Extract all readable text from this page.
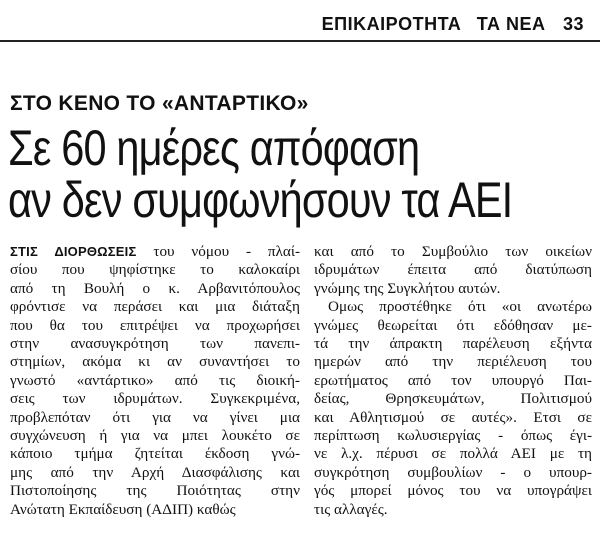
ΕΠΙΚΑΙΡΟΤΗΤΑ ΤΑ ΝΕΑ 33
ΣΤΟ ΚΕΝΟ ΤΟ «ΑΝΤΑΡΤΙΚΟ»
Σε 60 ημέρες απόφαση
αν δεν συμφωνήσουν τα ΑΕΙ
ΣΤΙΣ ΔΙΟΡΘΩΣΕΙΣ του νόμου - πλαί-
σίου που ψηφίστηκε το καλοκαίρι
από τη Βουλή ο κ. Αρβανιτόπουλος
φρόντισε να περάσει και μια διάταξη
που θα του επιτρέψει να προχωρήσει
στην ανασυγκρότηση των πανεπι-
στημίων, ακόμα κι αν συναντήσει το
γνωστό «αντάρτικο» από τις διοική-
σεις των ιδρυμάτων. Συγκεκριμένα,
προβλεπόταν ότι για να γίνει μια
συγχώνευση ή για να μπει λουκέτο σε
κάποιο τμήμα ζητείται έκδοση γνώ-
μης από την Αρχή Διασφάλισης και
Πιστοποίησης της Ποιότητας στην
Ανώτατη Εκπαίδευση (ΑΔΙΠ) καθώς
και από το Συμβούλιο των οικείων
ιδρυμάτων έπειτα από διατύπωση
γνώμης της Συγκλήτου αυτών.
Ομως προστέθηκε ότι «οι ανωτέρω
γνώμες θεωρείται ότι εδόθησαν με-
τά την άπρακτη παρέλευση εξήντα
ημερών από την περιέλευση του
ερωτήματος από τον υπουργό Παι-
δείας, Θρησκευμάτων, Πολιτισμού
και Αθλητισμού σε αυτές». Ετσι σε
περίπτωση κωλυσιεργίας - όπως έγι-
νε λ.χ. πέρυσι σε πολλά ΑΕΙ με τη
συγκρότηση συμβουλίων - ο υπουρ-
γός μπορεί μόνος του να υπογράψει
τις αλλαγές.
